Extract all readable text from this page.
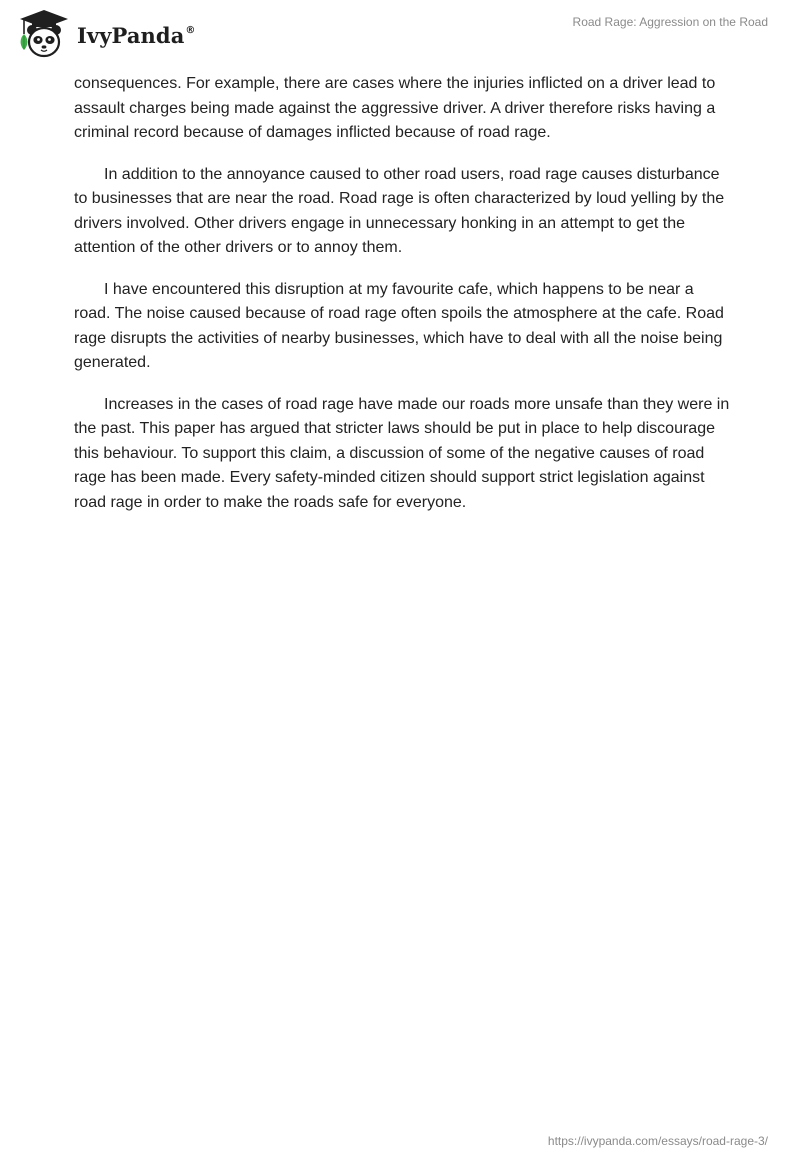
IvyPanda®
Road Rage: Aggression on the Road

consequences. For example, there are cases where the injuries inflicted on a driver lead to assault charges being made against the aggressive driver. A driver therefore risks having a criminal record because of damages inflicted because of road rage.

In addition to the annoyance caused to other road users, road rage causes disturbance to businesses that are near the road. Road rage is often characterized by loud yelling by the drivers involved. Other drivers engage in unnecessary honking in an attempt to get the attention of the other drivers or to annoy them.

I have encountered this disruption at my favourite cafe, which happens to be near a road. The noise caused because of road rage often spoils the atmosphere at the cafe. Road rage disrupts the activities of nearby businesses, which have to deal with all the noise being generated.

Increases in the cases of road rage have made our roads more unsafe than they were in the past. This paper has argued that stricter laws should be put in place to help discourage this behaviour. To support this claim, a discussion of some of the negative causes of road rage has been made. Every safety-minded citizen should support strict legislation against road rage in order to make the roads safe for everyone.

https://ivypanda.com/essays/road-rage-3/
